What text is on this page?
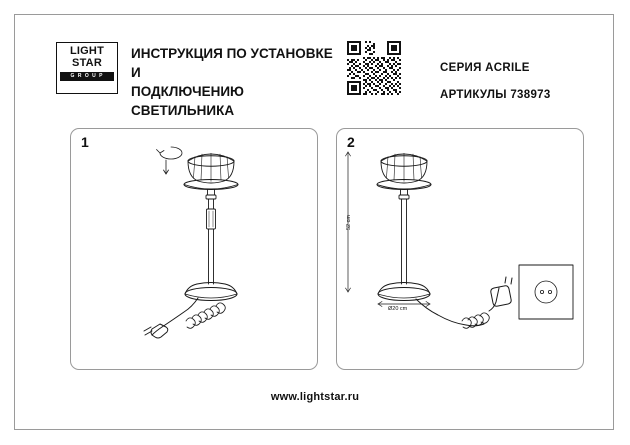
LIGHT
STAR
G R O U P
ИНСТРУКЦИЯ ПО УСТАНОВКЕ И
ПОДКЛЮЧЕНИЮ СВЕТИЛЬНИКА
СЕРИЯ ACRILE
АРТИКУЛЫ 738973
1	2
52 cm
Ø20 cm
www.lightstar.ru
